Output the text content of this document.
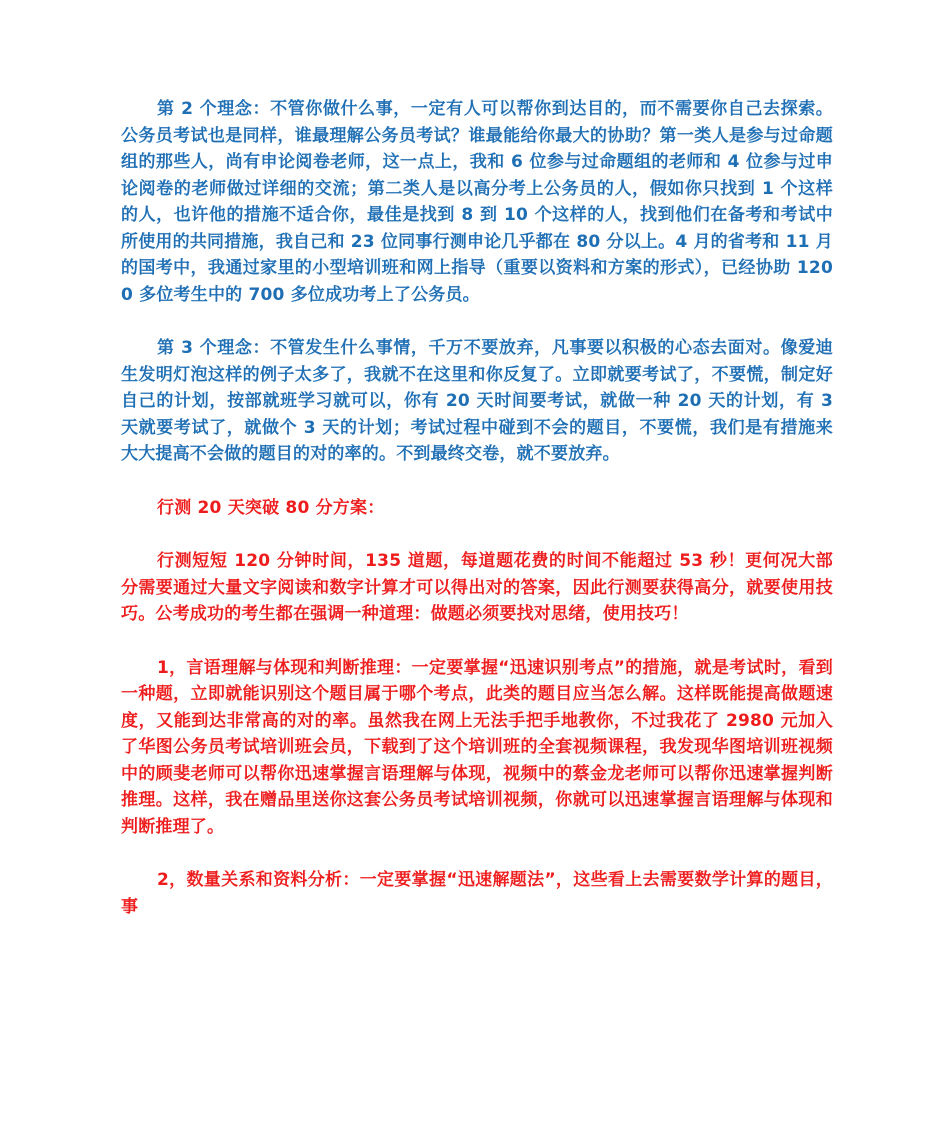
第 2 个理念：不管你做什么事，一定有人可以帮你到达目的，而不需要你自己去探索。公务员考试也是同样，谁最理解公务员考试？谁最能给你最大的协助？第一类人是参与过命题组的那些人，尚有申论阅卷老师，这一点上，我和 6 位参与过命题组的老师和 4 位参与过申论阅卷的老师做过详细的交流；第二类人是以高分考上公务员的人，假如你只找到 1 个这样的人，也许他的措施不适合你，最佳是找到 8 到 10 个这样的人，找到他们在备考和考试中所使用的共同措施，我自己和 23 位同事行测申论几乎都在 80 分以上。4 月的省考和 11 月的国考中，我通过家里的小型培训班和网上指导（重要以资料和方案的形式），已经协助 1200 多位考生中的 700 多位成功考上了公务员。

第 3 个理念：不管发生什么事情，千万不要放弃，凡事要以积极的心态去面对。像爱迪生发明灯泡这样的例子太多了，我就不在这里和你反复了。立即就要考试了，不要慌，制定好自己的计划，按部就班学习就可以，你有 20 天时间要考试，就做一种 20 天的计划，有 3 天就要考试了，就做个 3 天的计划；考试过程中碰到不会的题目，不要慌，我们是有措施来大大提高不会做的题目的对的率的。不到最终交卷，就不要放弃。

行测 20 天突破 80 分方案：

行测短短 120 分钟时间，135 道题，每道题花费的时间不能超过 53 秒！更何况大部分需要通过大量文字阅读和数字计算才可以得出对的答案，因此行测要获得高分，就要使用技巧。公考成功的考生都在强调一种道理：做题必须要找对思绪，使用技巧！

1，言语理解与体现和判断推理：一定要掌握“迅速识别考点”的措施，就是考试时，看到一种题，立即就能识别这个题目属于哪个考点，此类的题目应当怎么解。这样既能提高做题速度，又能到达非常高的对的率。虽然我在网上无法手把手地教你，不过我花了 2980 元加入了华图公务员考试培训班会员，下载到了这个培训班的全套视频课程，我发现华图培训班视频中的顾斐老师可以帮你迅速掌握言语理解与体现，视频中的蔡金龙老师可以帮你迅速掌握判断推理。这样，我在赠品里送你这套公务员考试培训视频，你就可以迅速掌握言语理解与体现和判断推理了。

2，数量关系和资料分析：一定要掌握“迅速解题法”，这些看上去需要数学计算的题目，事
